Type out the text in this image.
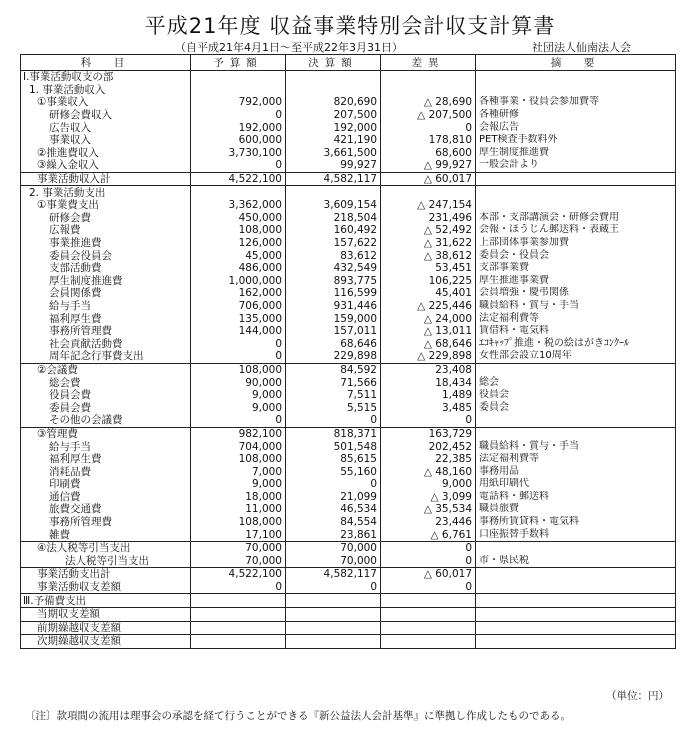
平成21年度 収益事業特別会計収支計算書
（自平成21年4月1日～至平成22年3月31日）	社団法人仙南法人会
科　目	予算額	決算額	差異	摘　要
Ⅰ.事業活動収支の部				
1. 事業活動収入				
①事業収入	792,000	820,690	△ 28,690	各種事業・役員会参加費等
研修会費収入	0	207,500	△ 207,500	各種研修
広告収入	192,000	192,000	0	会報広告
事業収入	600,000	421,190	178,810	PET検査手数料外
②推進費収入	3,730,100	3,661,500	68,600	厚生制度推進費
③繰入金収入	0	99,927	△ 99,927	一般会計より
事業活動収入計	4,522,100	4,582,117	△ 60,017	
2. 事業活動支出				
①事業費支出	3,362,000	3,609,154	△ 247,154	
研修会費	450,000	218,504	231,496	本部・支部講演会・研修会費用
広報費	108,000	160,492	△ 52,492	会報・ほうじん郵送料・表蔵王
事業推進費	126,000	157,622	△ 31,622	上部団体事業参加費
委員会役員会	45,000	83,612	△ 38,612	委員会・役員会
支部活動費	486,000	432,549	53,451	支部事業費
厚生制度推進費	1,000,000	893,775	106,225	厚生推進事業費
会員関係費	162,000	116,599	45,401	会員増強・慶弔関係
給与手当	706,000	931,446	△ 225,446	職員給料・賞与・手当
福利厚生費	135,000	159,000	△ 24,000	法定福利費等
事務所管理費	144,000	157,011	△ 13,011	賃借料・電気料
社会貢献活動費	0	68,646	△ 68,646	ｴｺｷｬｯﾌﾟ推進・税の絵はがきｺﾝｸｰﾙ
周年記念行事費支出	0	229,898	△ 229,898	女性部会設立10周年
②会議費	108,000	84,592	23,408	
総会費	90,000	71,566	18,434	総会
役員会費	9,000	7,511	1,489	役員会
委員会費	9,000	5,515	3,485	委員会
その他の会議費	0	0	0	
③管理費	982,100	818,371	163,729	
給与手当	704,000	501,548	202,452	職員給料・賞与・手当
福利厚生費	108,000	85,615	22,385	法定福利費等
消耗品費	7,000	55,160	△ 48,160	事務用品
印刷費	9,000	0	9,000	用紙印刷代
通信費	18,000	21,099	△ 3,099	電話料・郵送料
旅費交通費	11,000	46,534	△ 35,534	職員旅費
事務所管理費	108,000	84,554	23,446	事務所賃貸料・電気料
雑費	17,100	23,861	△ 6,761	口座振替手数料
④法人税等引当支出	70,000	70,000	0	
法人税等引当支出	70,000	70,000	0	市・県民税
事業活動支出計	4,522,100	4,582,117	△ 60,017	
事業活動収支差額	0	0	0	
Ⅲ.予備費支出				
当期収支差額				
前期繰越収支差額				
次期繰越収支差額				
（単位：円）
〔注〕款項間の流用は理事会の承認を経て行うことができる『新公益法人会計基準』に準拠し作成したものである。
